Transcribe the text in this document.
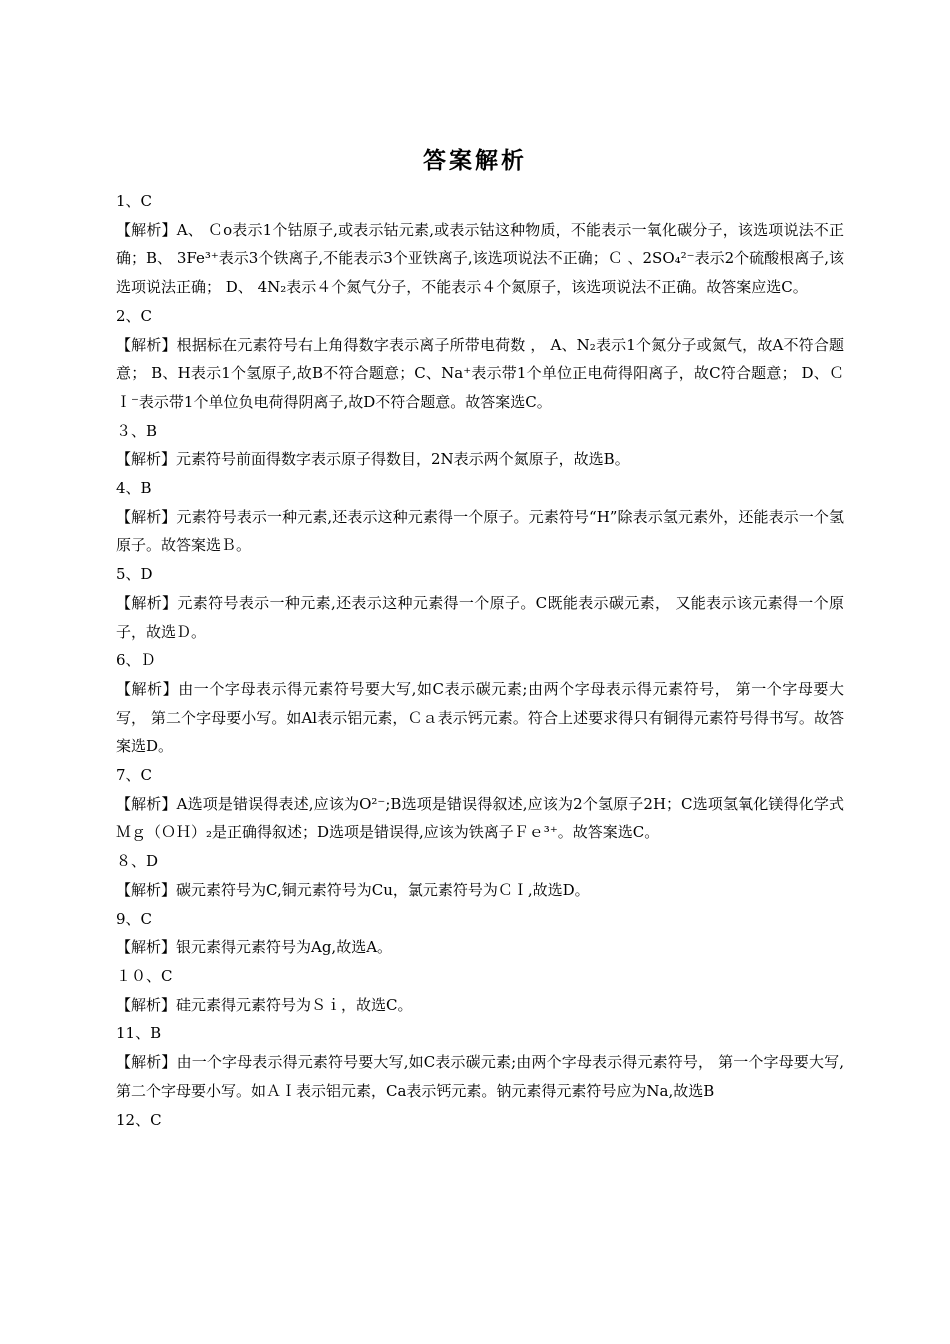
答案解析
1、C
【解析】A、 Ｃo表示1个钴原子,或表示钴元素,或表示钴这种物质，不能表示一氧化碳分子，该选项说法不正确；B、 3Fe³⁺表示3个铁离子,不能表示3个亚铁离子,该选项说法不正确；Ｃ 、2SO₄²⁻表示2个硫酸根离子,该选项说法正确； D、 4N₂表示４个氮气分子，不能表示４个氮原子，该选项说法不正确。故答案应选C。
2、C
【解析】根据标在元素符号右上角得数字表示离子所带电荷数 ， A、N₂表示1个氮分子或氮气，故A不符合题意； B、H表示1个氢原子,故B不符合题意；C、Na⁺表示带1个单位正电荷得阳离子，故C符合题意； D、ＣＩ⁻表示带1个单位负电荷得阴离子,故D不符合题意。故答案选C。
３、B
【解析】元素符号前面得数字表示原子得数目，2N表示两个氮原子，故选B。
4、B
【解析】元素符号表示一种元素,还表示这种元素得一个原子。元素符号“H”除表示氢元素外，还能表示一个氢原子。故答案选Ｂ。
5、D
【解析】元素符号表示一种元素,还表示这种元素得一个原子。C既能表示碳元素， 又能表示该元素得一个原子，故选Ｄ。
6、Ｄ
【解析】由一个字母表示得元素符号要大写,如C表示碳元素;由两个字母表示得元素符号， 第一个字母要大写， 第二个字母要小写。如Al表示铝元素，Ｃａ表示钙元素。符合上述要求得只有铜得元素符号得书写。故答案选D。
7、C
【解析】A选项是错误得表述,应该为O²⁻;B选项是错误得叙述,应该为2个氢原子2H；C选项氢氧化镁得化学式Ｍｇ（ＯＨ）₂是正确得叙述；D选项是错误得,应该为铁离子Ｆｅ³⁺。故答案选C。
８、D
【解析】碳元素符号为C,铜元素符号为Cu，氯元素符号为ＣＩ,故选D。
9、C
【解析】银元素得元素符号为Ag,故选A。
１０、C
【解析】硅元素得元素符号为Ｓｉ，故选C。
11、B
【解析】由一个字母表示得元素符号要大写,如C表示碳元素;由两个字母表示得元素符号， 第一个字母要大写,第二个字母要小写。如ＡＩ表示铝元素，Ca表示钙元素。钠元素得元素符号应为Na,故选B
12、C
